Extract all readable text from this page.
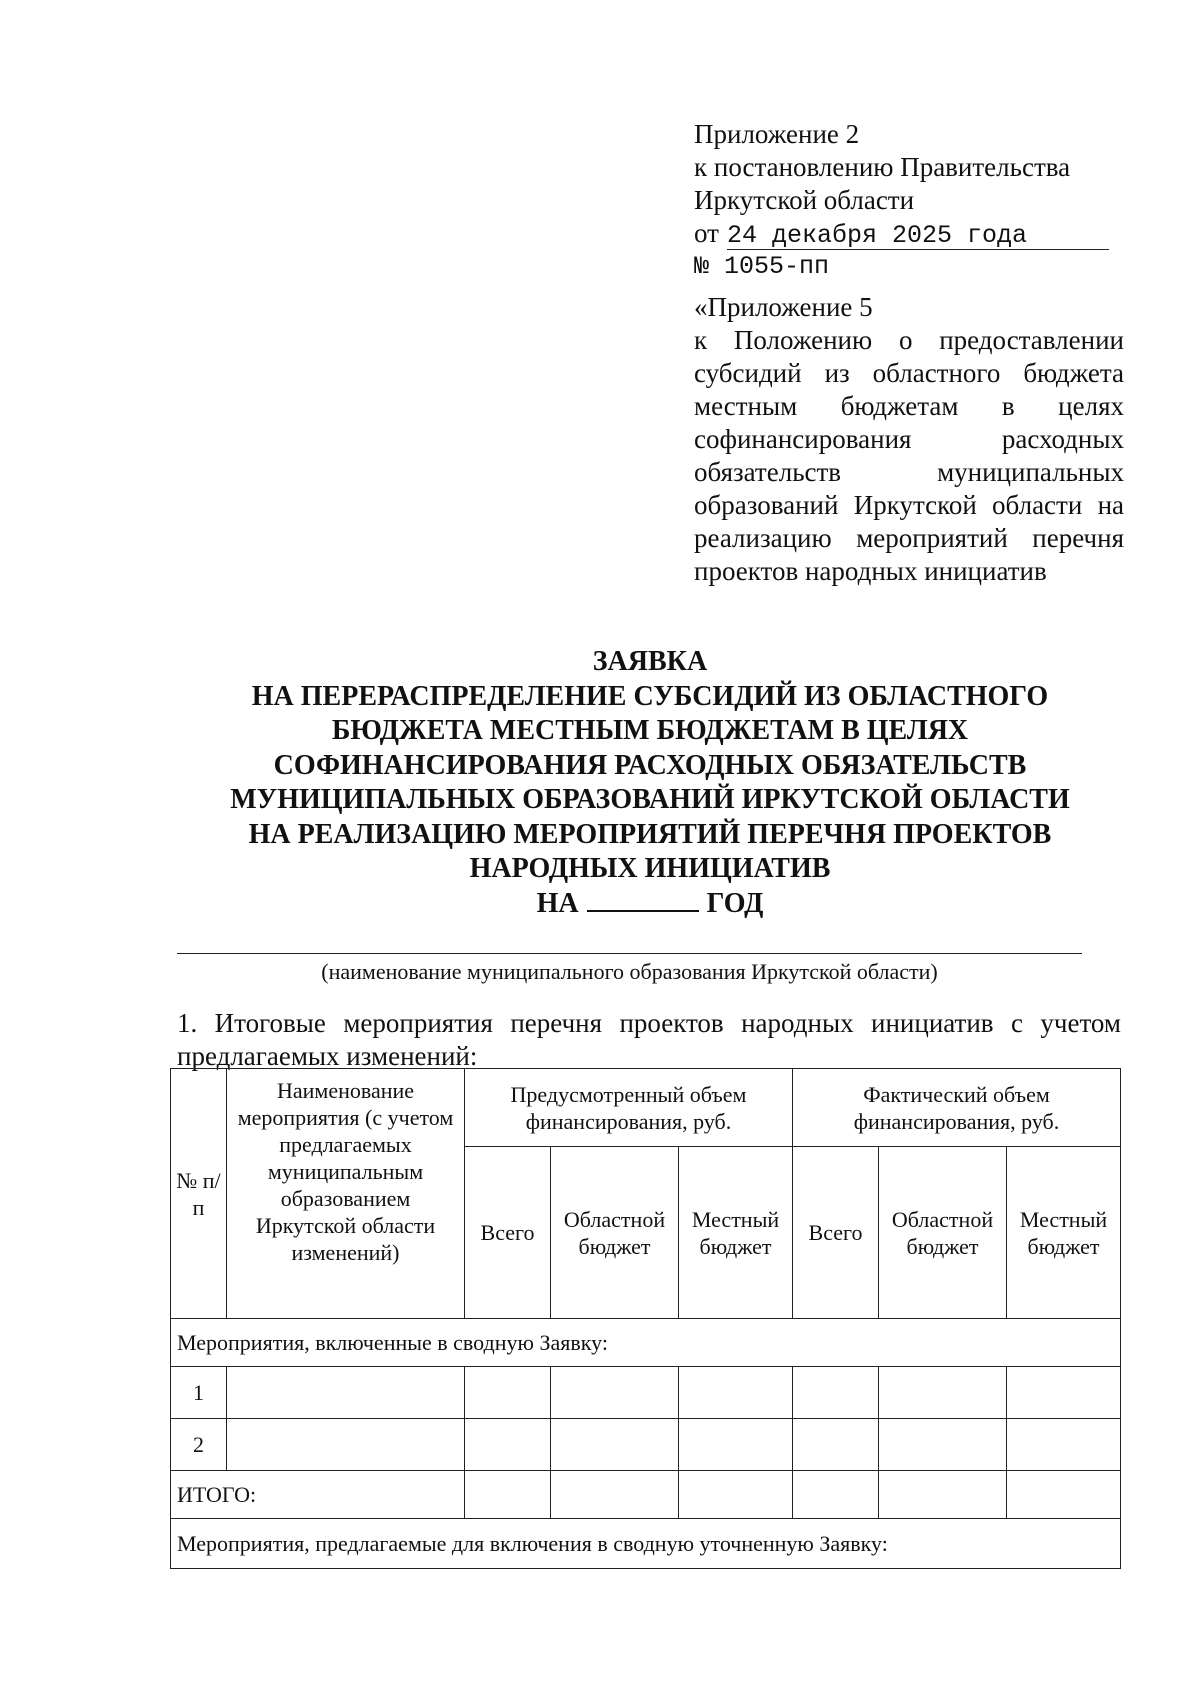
Приложение 2
к постановлению Правительства
Иркутской области
от 24 декабря 2025 года
№ 1055-пп
«Приложение 5
к Положению о предоставлении
субсидий из областного бюджета
местным бюджетам в целях
софинансирования расходных
обязательств муниципальных
образований Иркутской области на
реализацию мероприятий перечня
проектов народных инициатив
ЗАЯВКА
НА ПЕРЕРАСПРЕДЕЛЕНИЕ СУБСИДИЙ ИЗ ОБЛАСТНОГО
БЮДЖЕТА МЕСТНЫМ БЮДЖЕТАМ В ЦЕЛЯХ
СОФИНАНСИРОВАНИЯ РАСХОДНЫХ ОБЯЗАТЕЛЬСТВ
МУНИЦИПАЛЬНЫХ ОБРАЗОВАНИЙ ИРКУТСКОЙ ОБЛАСТИ
НА РЕАЛИЗАЦИЮ МЕРОПРИЯТИЙ ПЕРЕЧНЯ ПРОЕКТОВ
НАРОДНЫХ ИНИЦИАТИВ
НА	ГОД
(наименование муниципального образования Иркутской области)
1. Итоговые мероприятия перечня проектов народных инициатив с учетом
предлагаемых изменений:
№ п/п	Наименование мероприятия (с учетом предлагаемых муниципальным образованием Иркутской области изменений)	Предусмотренный объем финансирования, руб.			Фактический объем финансирования, руб.		
		Всего	Областной бюджет	Местный бюджет	Всего	Областной бюджет	Местный бюджет
Мероприятия, включенные в сводную Заявку:							
1							
2							
ИТОГО:							
Мероприятия, предлагаемые для включения в сводную уточненную Заявку:							
